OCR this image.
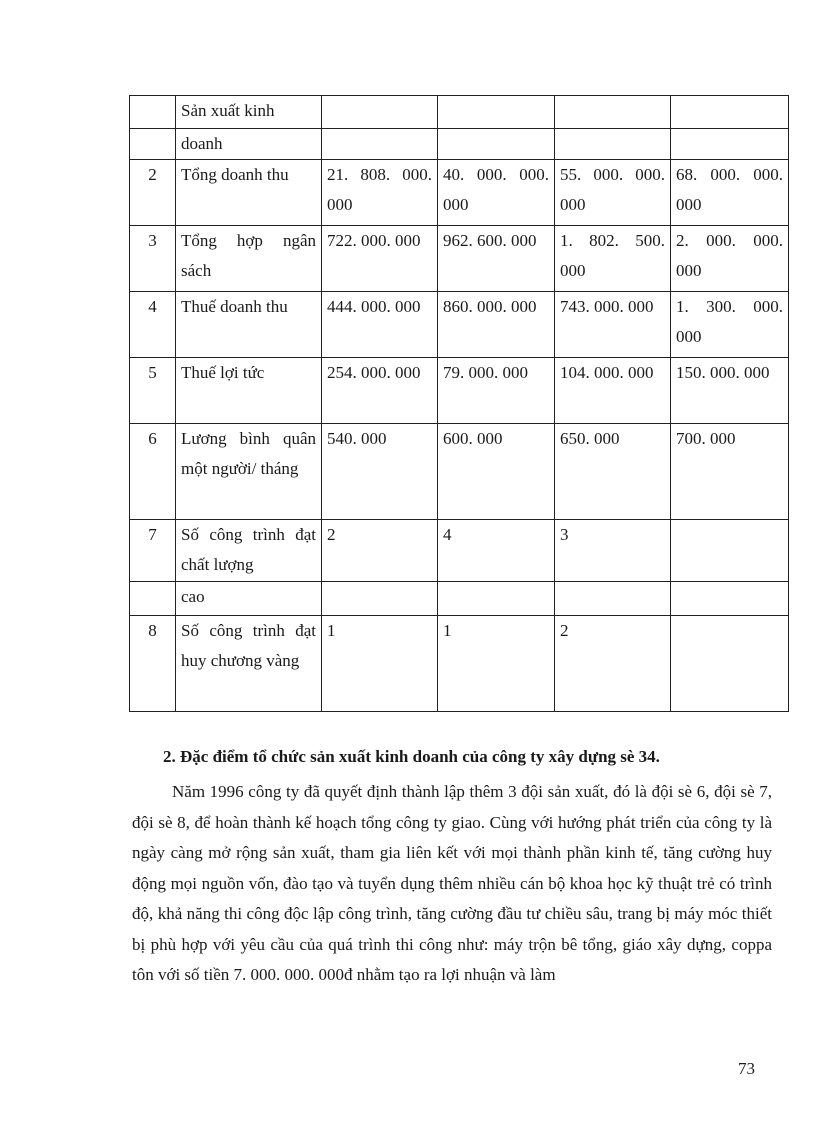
	Sản xuất kinh				
	doanh				
2	Tổng doanh thu	21. 808. 000. 000	40. 000. 000. 000	55. 000. 000. 000	68. 000. 000. 000
3	Tổng hợp ngân sách	722. 000. 000	962. 600. 000	1. 802. 500. 000	2. 000. 000. 000
4	Thuế doanh thu	444. 000. 000	860. 000. 000	743. 000. 000	1. 300. 000. 000
5	Thuế lợi tức	254. 000. 000	79. 000. 000	104. 000. 000	150. 000. 000
6	Lương bình quân một người/ tháng	540. 000	600. 000	650. 000	700. 000
7	Số công trình đạt chất lượng	2	4	3	
	cao				
8	Số công trình đạt huy chương vàng	1	1	2	
2. Đặc điểm tổ chức sản xuất kinh doanh của công ty xây dựng sè 34.

Năm 1996 công ty đã quyết định thành lập thêm 3 đội sản xuất, đó là đội sè 6, đội sè 7, đội sè 8, để hoàn thành kế hoạch tổng công ty giao. Cùng với hướng phát triển của công ty là ngày càng mở rộng sản xuất, tham gia liên kết với mọi thành phần kinh tế, tăng cường huy động mọi nguồn vốn, đào tạo và tuyển dụng thêm nhiều cán bộ khoa học kỹ thuật trẻ có trình độ, khả năng thi công độc lập công trình, tăng cường đầu tư chiều sâu, trang bị máy móc thiết bị phù hợp với yêu cầu của quá trình thi công như: máy trộn bê tổng, giáo xây dựng, coppa tôn với số tiền 7. 000. 000. 000đ nhằm tạo ra lợi nhuận và làm

73
